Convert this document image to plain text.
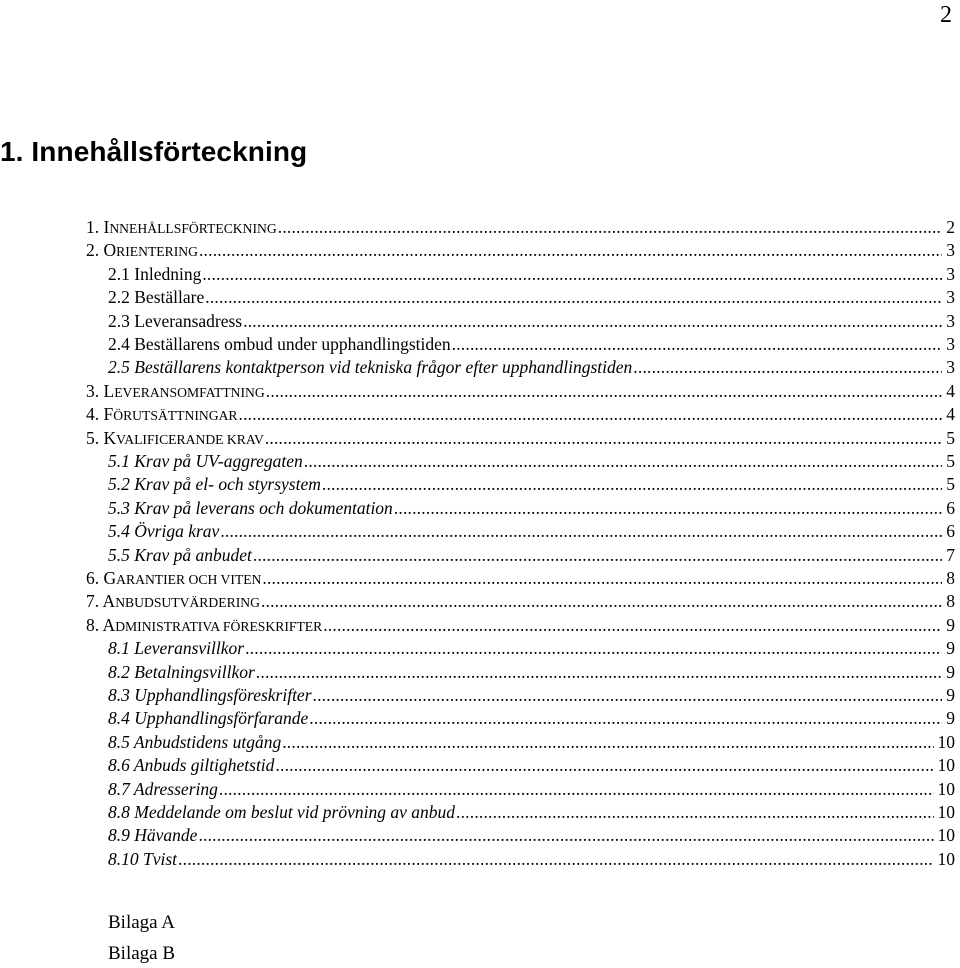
2
1. Innehållsförteckning
1. INNEHÅLLSFÖRTECKNING .....	2
2. ORIENTERING .....	3
2.1 Inledning .....	3
2.2 Beställare .....	3
2.3 Leveransadress .....	3
2.4 Beställarens ombud under upphandlingstiden .....	3
2.5 Beställarens kontaktperson vid tekniska frågor efter upphandlingstiden .....	3
3. LEVERANSOMFATTNING .....	4
4. FÖRUTSÄTTNINGAR .....	4
5. KVALIFICERANDE KRAV .....	5
5.1 Krav på UV-aggregaten .....	5
5.2 Krav på el- och styrsystem .....	5
5.3 Krav på leverans och dokumentation .....	6
5.4 Övriga krav .....	6
5.5 Krav på anbudet .....	7
6. GARANTIER OCH VITEN .....	8
7. ANBUDSUTVÄRDERING .....	8
8. ADMINISTRATIVA FÖRESKRIFTER .....	9
8.1 Leveransvillkor .....	9
8.2 Betalningsvillkor .....	9
8.3 Upphandlingsföreskrifter .....	9
8.4 Upphandlingsförfarande .....	9
8.5 Anbudstidens utgång .....	10
8.6 Anbuds giltighetstid .....	10
8.7 Adressering .....	10
8.8 Meddelande om beslut vid prövning av anbud .....	10
8.9 Hävande .....	10
8.10 Tvist .....	10
Bilaga A
Bilaga B
